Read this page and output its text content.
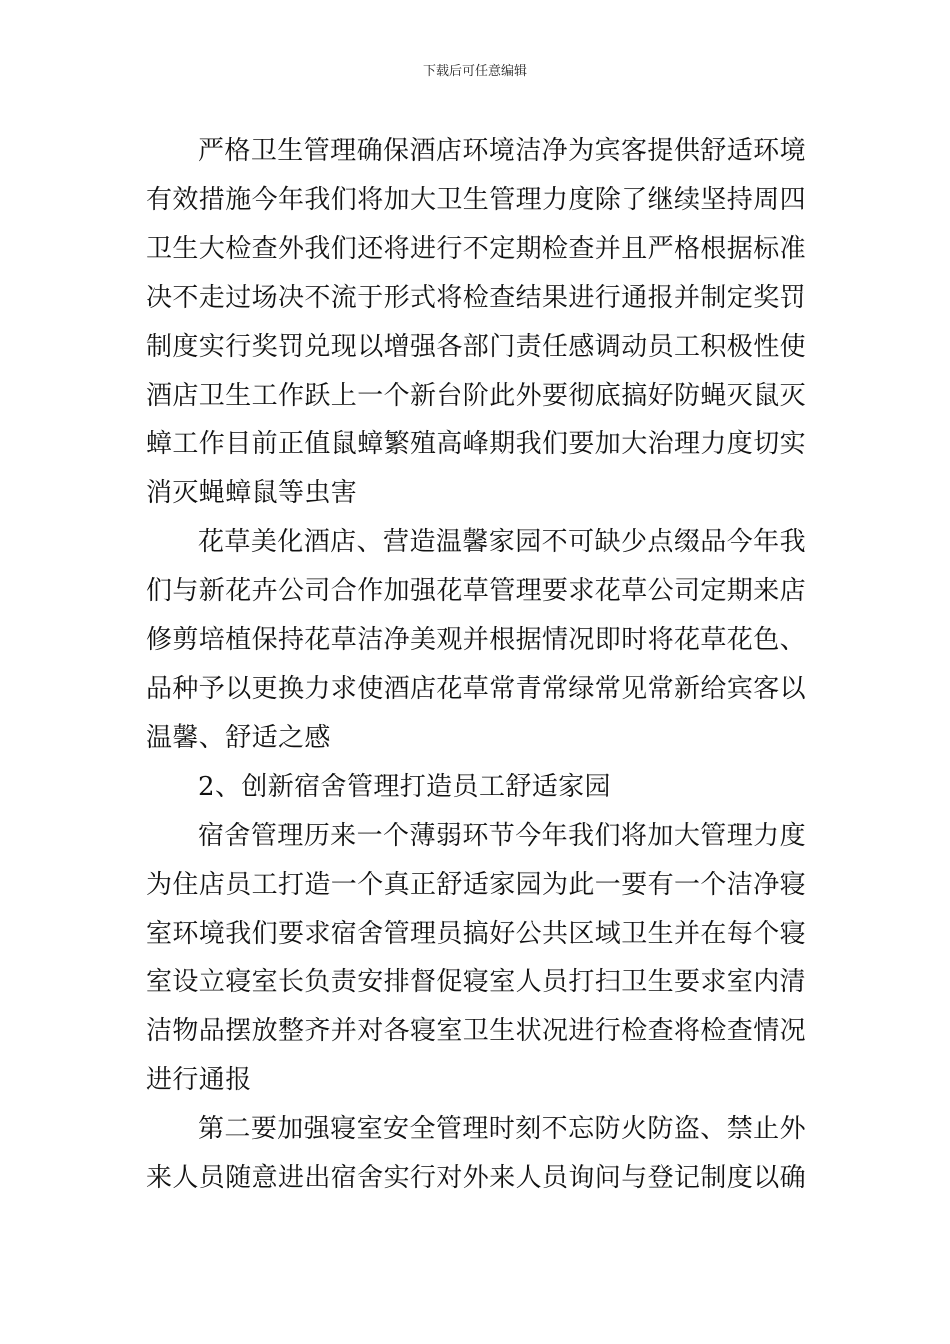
下载后可任意编辑

严格卫生管理确保酒店环境洁净为宾客提供舒适环境有效措施今年我们将加大卫生管理力度除了继续坚持周四卫生大检查外我们还将进行不定期检查并且严格根据标准决不走过场决不流于形式将检查结果进行通报并制定奖罚制度实行奖罚兑现以增强各部门责任感调动员工积极性使酒店卫生工作跃上一个新台阶此外要彻底搞好防蝇灭鼠灭蟑工作目前正值鼠蟑繁殖高峰期我们要加大治理力度切实消灭蝇蟑鼠等虫害

花草美化酒店、营造温馨家园不可缺少点缀品今年我们与新花卉公司合作加强花草管理要求花草公司定期来店修剪培植保持花草洁净美观并根据情况即时将花草花色、品种予以更换力求使酒店花草常青常绿常见常新给宾客以温馨、舒适之感

2、创新宿舍管理打造员工舒适家园

宿舍管理历来一个薄弱环节今年我们将加大管理力度为住店员工打造一个真正舒适家园为此一要有一个洁净寝室环境我们要求宿舍管理员搞好公共区域卫生并在每个寝室设立寝室长负责安排督促寝室人员打扫卫生要求室内清洁物品摆放整齐并对各寝室卫生状况进行检查将检查情况进行通报

第二要加强寝室安全管理时刻不忘防火防盗、禁止外来人员随意进出宿舍实行对外来人员询问与登记制度以确
